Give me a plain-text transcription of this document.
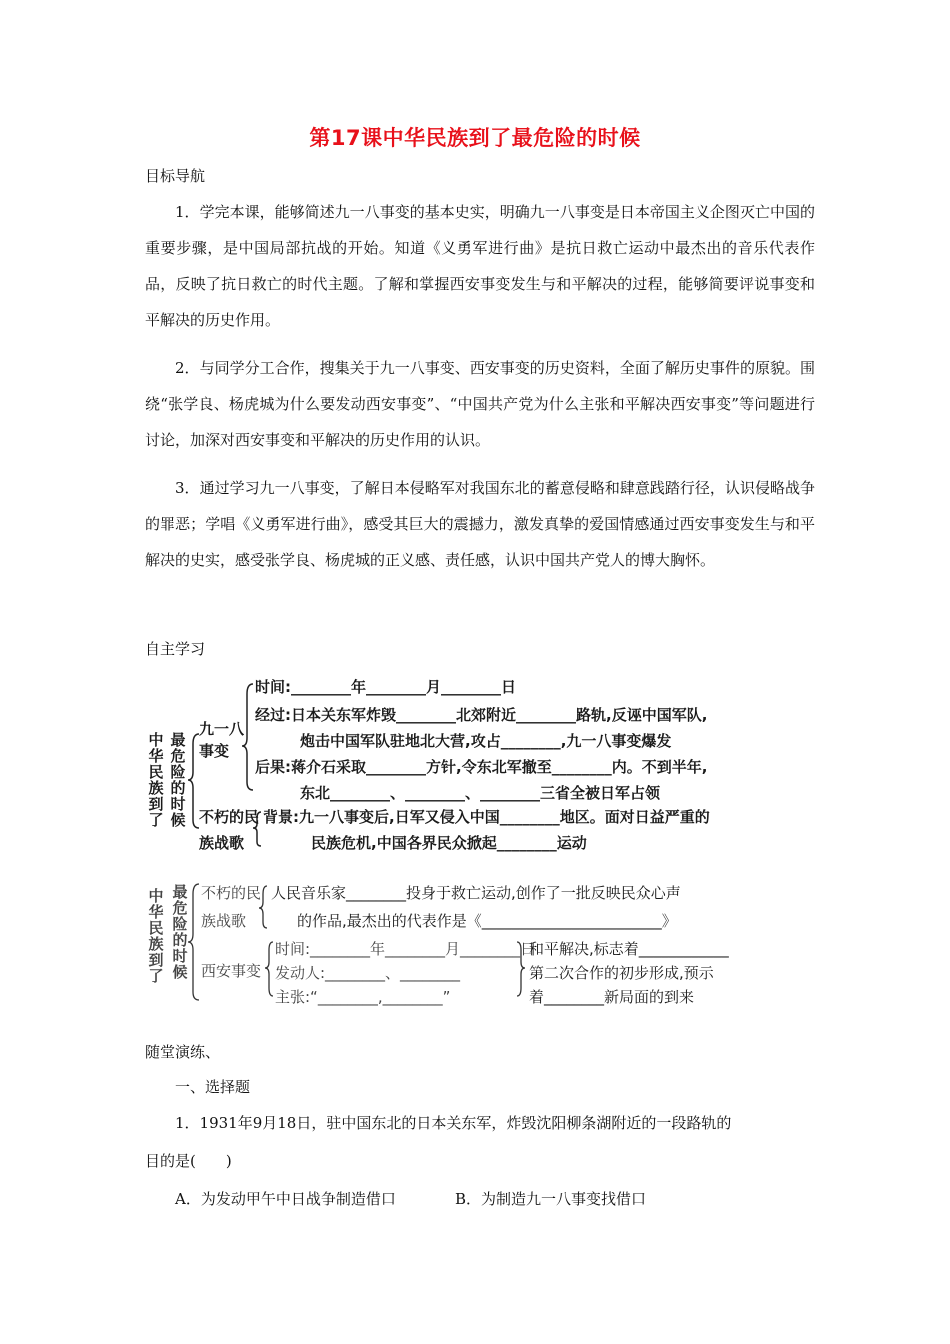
第17课中华民族到了最危险的时候
目标导航
1．学完本课，能够简述九一八事变的基本史实，明确九一八事变是日本帝国主义企图灭亡中国的重要步骤，是中国局部抗战的开始。知道《义勇军进行曲》是抗日救亡运动中最杰出的音乐代表作品，反映了抗日救亡的时代主题。了解和掌握西安事变发生与和平解决的过程，能够简要评说事变和平解决的历史作用。
2．与同学分工合作，搜集关于九一八事变、西安事变的历史资料，全面了解历史事件的原貌。围绕“张学良、杨虎城为什么要发动西安事变”、“中国共产党为什么主张和平解决西安事变”等问题进行讨论，加深对西安事变和平解决的历史作用的认识。
3．通过学习九一八事变，了解日本侵略军对我国东北的蓄意侵略和肆意践踏行径，认识侵略战争的罪恶；学唱《义勇军进行曲》，感受其巨大的震撼力，激发真挚的爱国情感通过西安事变发生与和平解决的史实，感受张学良、杨虎城的正义感、责任感，认识中国共产党人的博大胸怀。
自主学习
中华民族到了
最危险的时候
九一八
事变
时间:________年________月________日
经过:日本关东军炸毁________北郊附近________路轨,反诬中国军队,
炮击中国军队驻地北大营,攻占________,九一八事变爆发
后果:蒋介石采取________方针,令东北军撤至________内。不到半年,
东北________、________、________三省全被日军占领
不朽的民
族战歌
背景:九一八事变后,日军又侵入中国________地区。面对日益严重的
民族危机,中国各界民众掀起________运动
中华民族到了
最危险的时候
不朽的民
族战歌
人民音乐家________投身于救亡运动,创作了一批反映民众心声
的作品,最杰出的代表作是《________________________》
西安事变
时间:________年________月________日
发动人:________、________
主张:“________,________”
和平解决,标志着____________
第二次合作的初步形成,预示
着________新局面的到来
随堂演练、
一、选择题
1．1931年9月18日，驻中国东北的日本关东军，炸毁沈阳柳条湖附近的一段路轨的
目的是(　　)
A．为发动甲午中日战争制造借口	B．为制造九一八事变找借口
